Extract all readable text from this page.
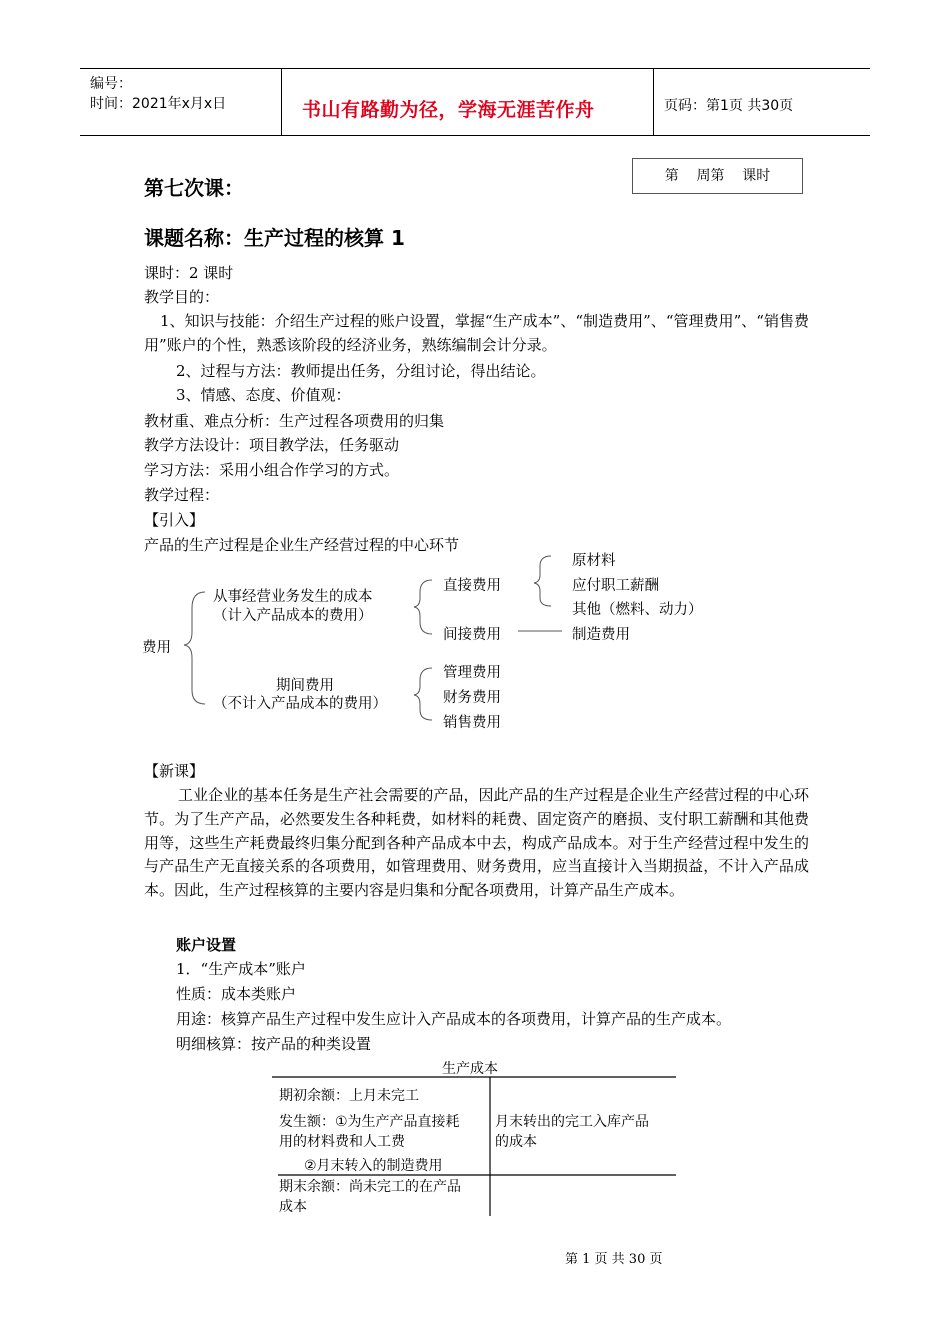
编号：
时间：2021年x月x日	书山有路勤为径，学海无涯苦作舟	页码：第1页 共30页
第    周第    课时
第七次课：
课题名称：生产过程的核算 1
课时：2 课时
教学目的：
1、知识与技能：介绍生产过程的账户设置，掌握“生产成本”、“制造费用”、“管理费用”、“销售费用”账户的个性，熟悉该阶段的经济业务，熟练编制会计分录。
2、过程与方法：教师提出任务，分组讨论，得出结论。
3、情感、态度、价值观：
教材重、难点分析：生产过程各项费用的归集
教学方法设计：项目教学法，任务驱动
学习方法：采用小组合作学习的方式。
教学过程：
【引入】
产品的生产过程是企业生产经营过程的中心环节
费用
从事经营业务发生的成本
（计入产品成本的费用）
期间费用
（不计入产品成本的费用）
直接费用
间接费用
原材料
应付职工薪酬
其他（燃料、动力）
制造费用
管理费用
财务费用
销售费用
【新课】
工业企业的基本任务是生产社会需要的产品，因此产品的生产过程是企业生产经营过程的中心环节。为了生产产品，必然要发生各种耗费，如材料的耗费、固定资产的磨损、支付职工薪酬和其他费用等，这些生产耗费最终归集分配到各种产品成本中去，构成产品成本。对于生产经营过程中发生的与产品生产无直接关系的各项费用，如管理费用、财务费用，应当直接计入当期损益，不计入产品成本。因此，生产过程核算的主要内容是归集和分配各项费用，计算产品生产成本。
账户设置
1．“生产成本”账户
性质：成本类账户
用途：核算产品生产过程中发生应计入产品成本的各项费用，计算产品的生产成本。
明细核算：按产品的种类设置
生产成本
期初余额：上月未完工
发生额：①为生产产品直接耗
用的材料费和人工费
②月末转入的制造费用
期末余额：尚未完工的在产品
成本
月末转出的完工入库产品
的成本
第 1 页 共 30 页
